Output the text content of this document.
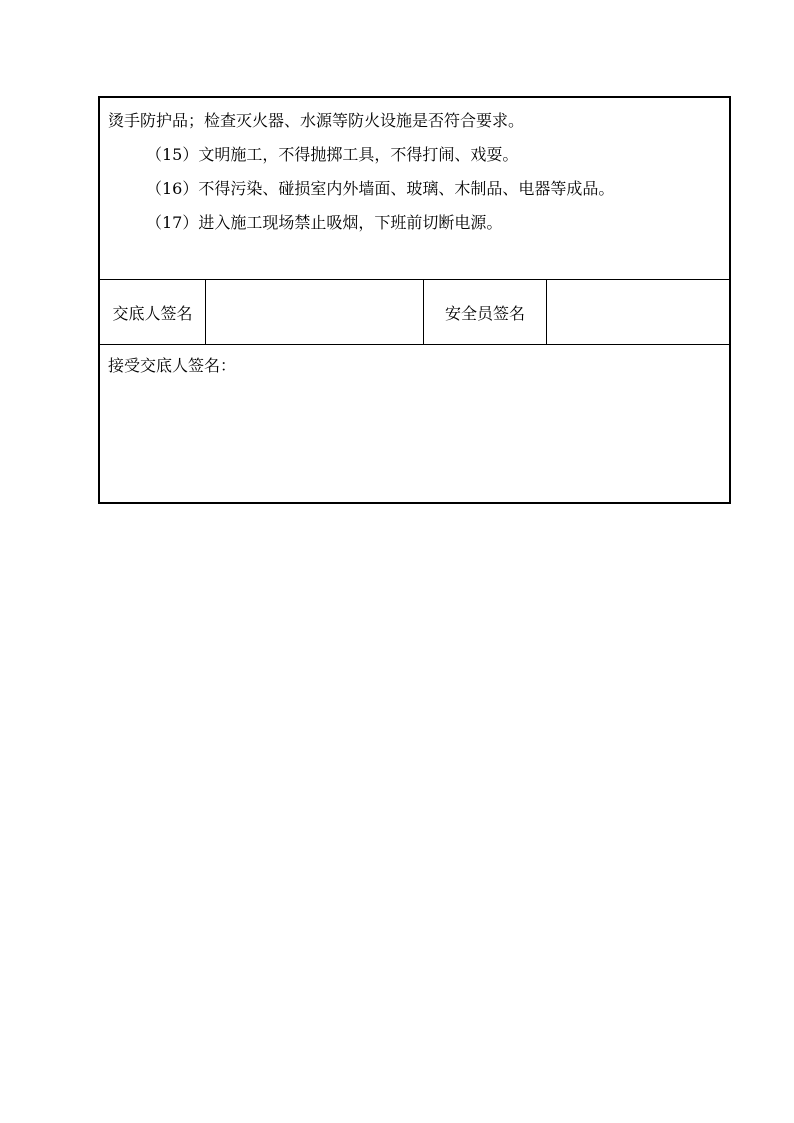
烫手防护品；检查灭火器、水源等防火设施是否符合要求。
（15）文明施工，不得抛掷工具，不得打闹、戏耍。
（16）不得污染、碰损室内外墙面、玻璃、木制品、电器等成品。
（17）进入施工现场禁止吸烟，下班前切断电源。
交底人签名	安全员签名
接受交底人签名：
